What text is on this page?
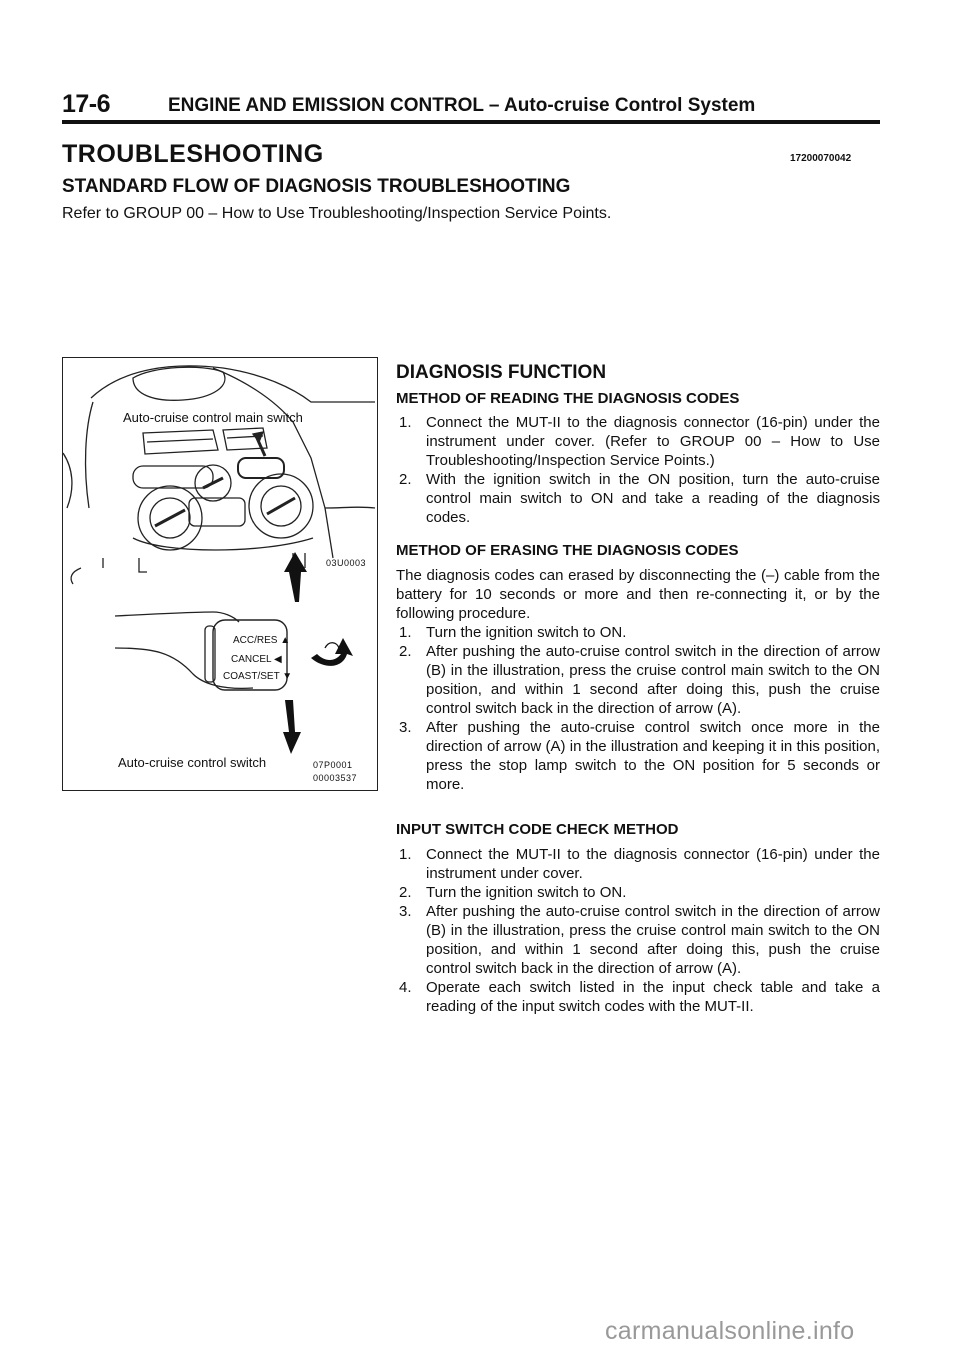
17-6	ENGINE AND EMISSION CONTROL – Auto-cruise Control System
TROUBLESHOOTING	17200070042
STANDARD FLOW OF DIAGNOSIS TROUBLESHOOTING
Refer to GROUP 00 – How to Use Troubleshooting/Inspection Service Points.
Auto-cruise control main switch
03U0003
ACC/RES ▲
CANCEL ◀
COAST/SET ▼
Auto-cruise control switch	07P0001
00003537
DIAGNOSIS FUNCTION
METHOD OF READING THE DIAGNOSIS CODES
1. Connect the MUT-II to the diagnosis connector (16-pin) under the instrument under cover. (Refer to GROUP 00 – How to Use Troubleshooting/Inspection Service Points.)
2. With the ignition switch in the ON position, turn the auto-cruise control main switch to ON and take a reading of the diagnosis codes.
METHOD OF ERASING THE DIAGNOSIS CODES
The diagnosis codes can erased by disconnecting the (–) cable from the battery for 10 seconds or more and then re-connecting it, or by the following procedure.
1. Turn the ignition switch to ON.
2. After pushing the auto-cruise control switch in the direction of arrow (B) in the illustration, press the cruise control main switch to the ON position, and within 1 second after doing this, push the cruise control switch back in the direction of arrow (A).
3. After pushing the auto-cruise control switch once more in the direction of arrow (A) in the illustration and keeping it in this position, press the stop lamp switch to the ON position for 5 seconds or more.
INPUT SWITCH CODE CHECK METHOD
1. Connect the MUT-II to the diagnosis connector (16-pin) under the instrument under cover.
2. Turn the ignition switch to ON.
3. After pushing the auto-cruise control switch in the direction of arrow (B) in the illustration, press the cruise control main switch to the ON position, and within 1 second after doing this, push the cruise control switch back in the direction of arrow (A).
4. Operate each switch listed in the input check table and take a reading of the input switch codes with the MUT-II.
carmanualsonline.info
